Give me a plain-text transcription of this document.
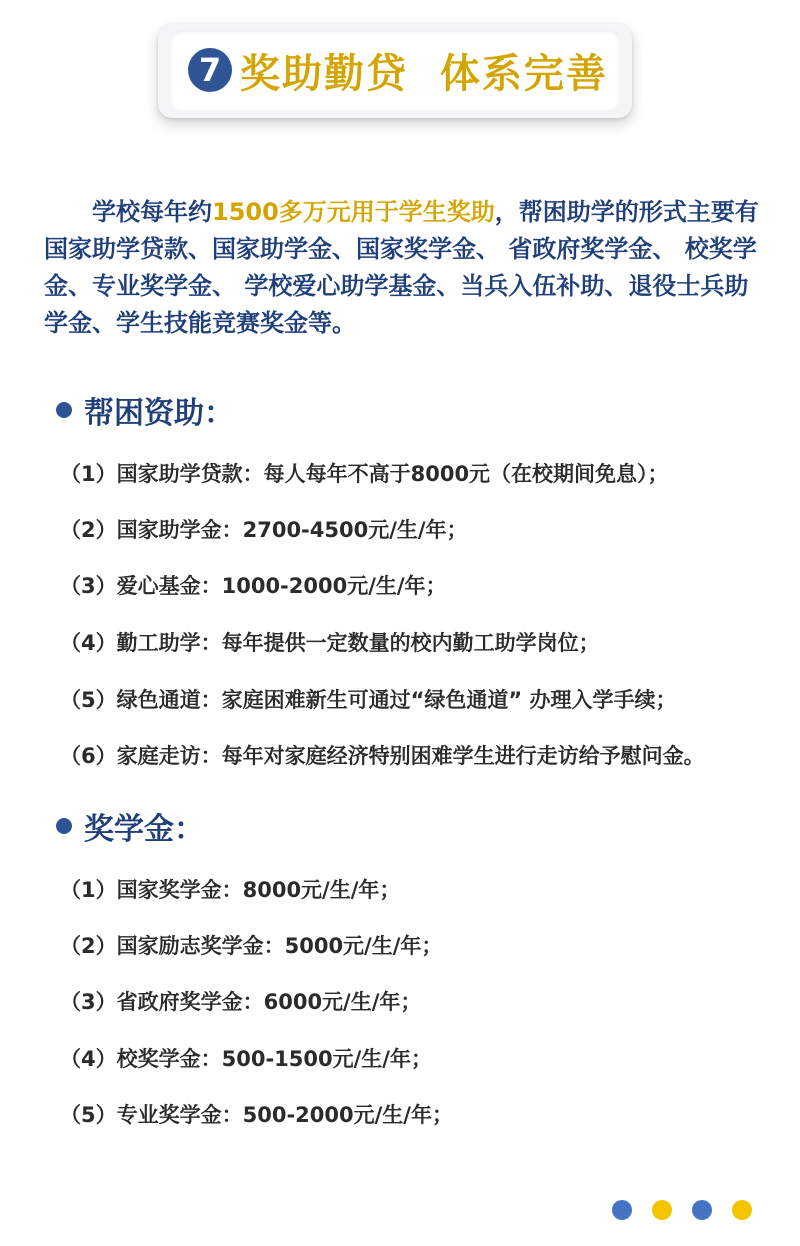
7 奖助勤贷  体系完善
学校每年约1500多万元用于学生奖助，帮困助学的形式主要有国家助学贷款、国家助学金、国家奖学金、 省政府奖学金、 校奖学金、专业奖学金、 学校爱心助学基金、当兵入伍补助、退役士兵助学金、学生技能竞赛奖金等。
帮困资助：
（1）国家助学贷款：每人每年不高于8000元（在校期间免息）；
（2）国家助学金：2700-4500元/生/年；
（3）爱心基金：1000-2000元/生/年；
（4）勤工助学：每年提供一定数量的校内勤工助学岗位；
（5）绿色通道：家庭困难新生可通过“绿色通道” 办理入学手续；
（6）家庭走访：每年对家庭经济特别困难学生进行走访给予慰问金。
奖学金：
（1）国家奖学金：8000元/生/年；
（2）国家励志奖学金：5000元/生/年；
（3）省政府奖学金：6000元/生/年；
（4）校奖学金：500-1500元/生/年；
（5）专业奖学金：500-2000元/生/年；
